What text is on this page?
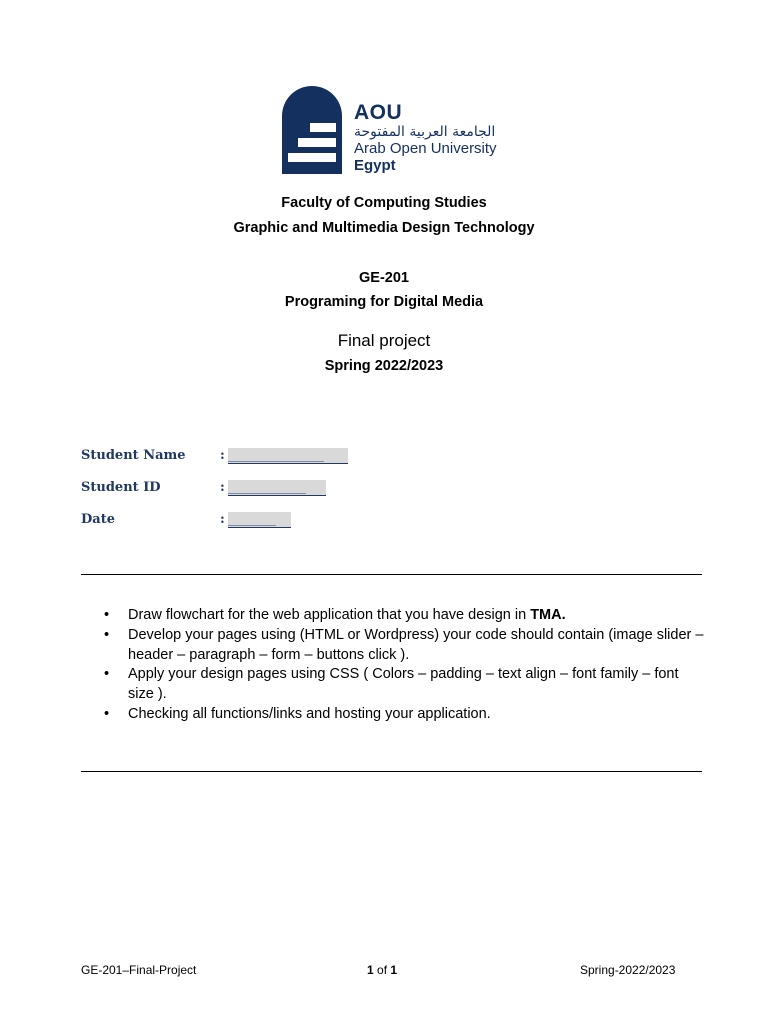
AOU
الجامعة العربية المفتوحة
Arab Open University
Egypt
Faculty of Computing Studies
Graphic and Multimedia Design Technology
GE-201
Programing for Digital Media
Final project
Spring 2022/2023
Student Name	: ________________
Student ID	: _____________
Date	: ________
• Draw flowchart for the web application that you have design in TMA.
• Develop your pages using (HTML or Wordpress) your code should contain (image slider – header – paragraph – form – buttons click ).
• Apply your design pages using CSS ( Colors – padding – text align – font family – font size ).
• Checking all functions/links and hosting your application.
GE-201–Final-Project	1 of 1	Spring-2022/2023
